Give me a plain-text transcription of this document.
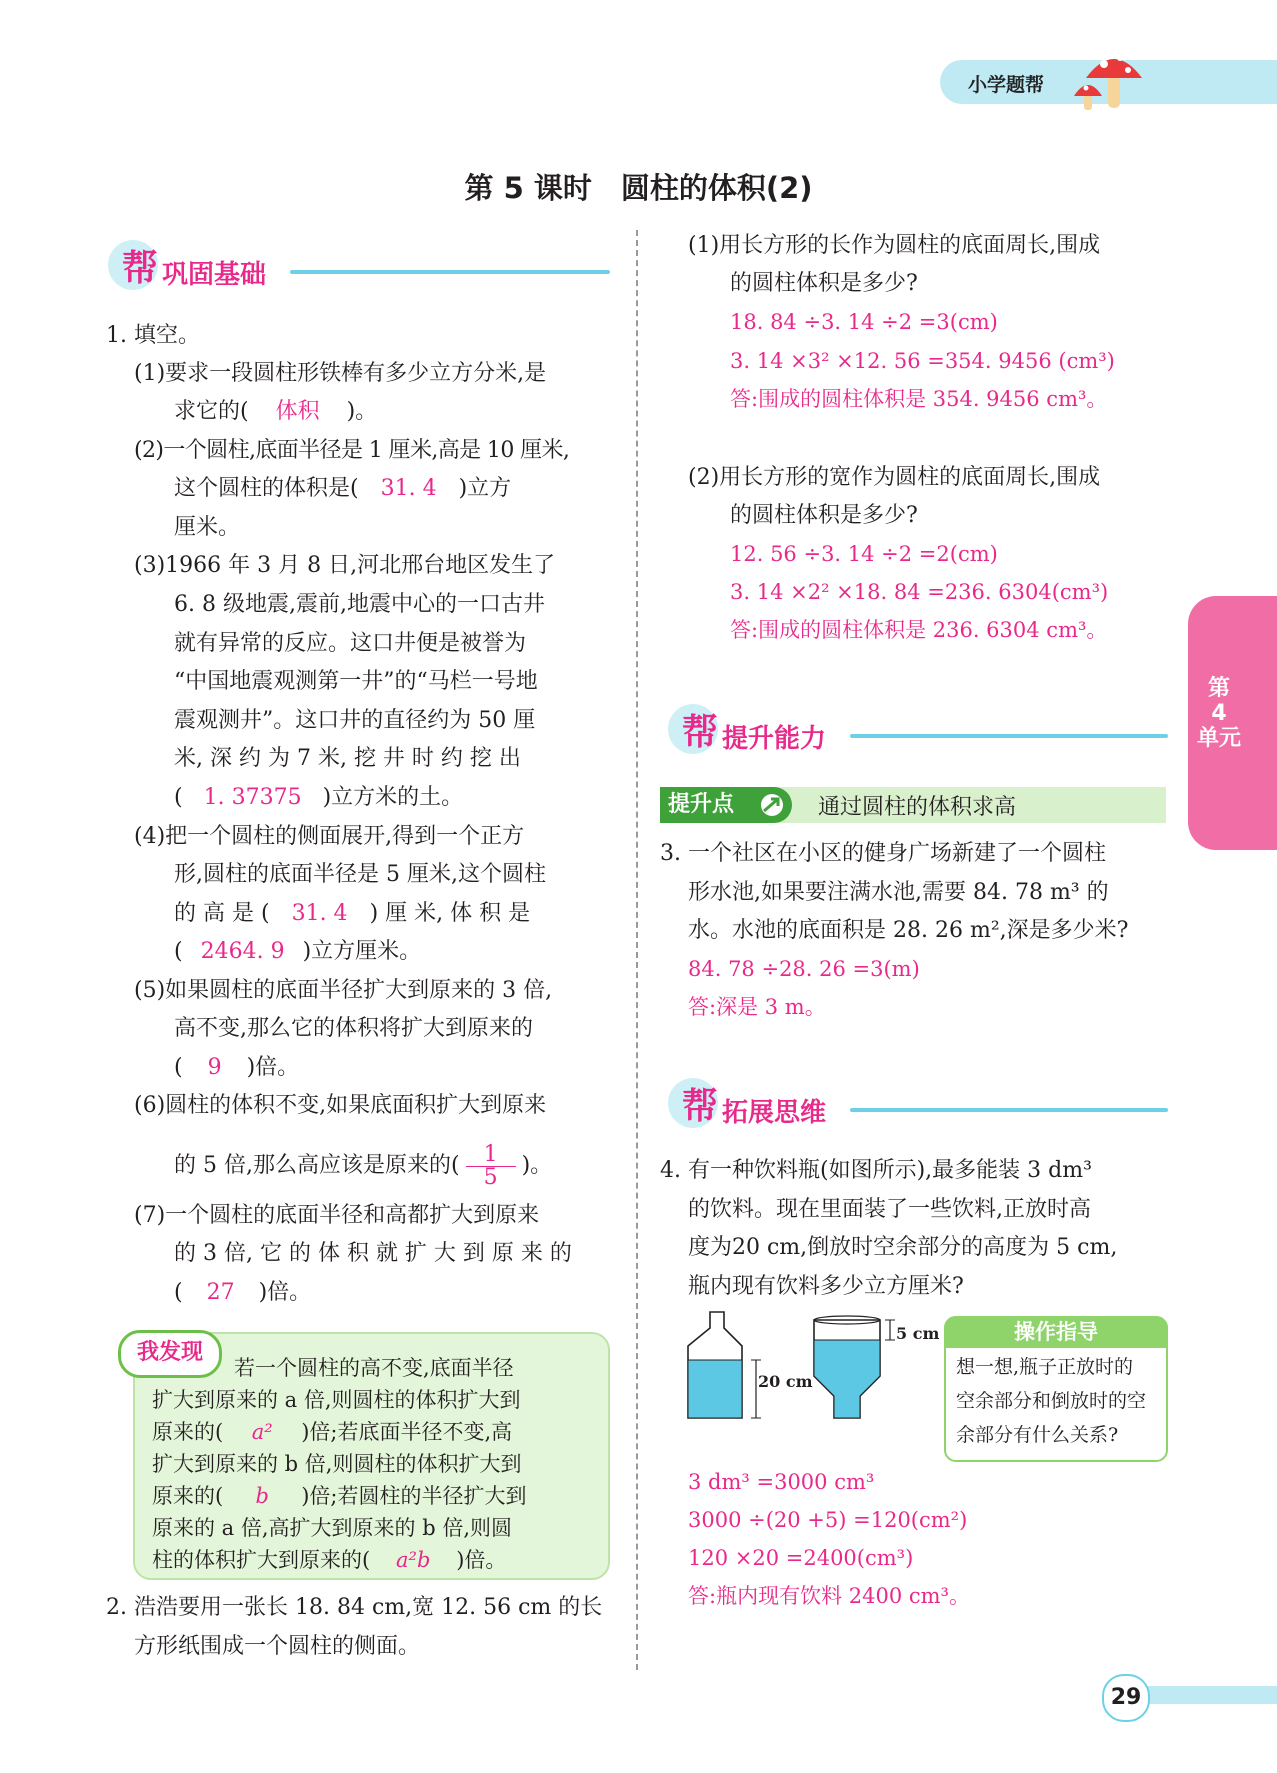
小学题帮
第 5 课时　圆柱的体积(2)
帮 巩固基础
1. 填空。
(1)要求一段圆柱形铁棒有多少立方分米,是
求它的( 体积 )。
(2)一个圆柱,底面半径是 1 厘米,高是 10 厘米,
这个圆柱的体积是( 31. 4 )立方
厘米。
(3)1966 年 3 月 8 日,河北邢台地区发生了
6. 8 级地震,震前,地震中心的一口古井
就有异常的反应。这口井便是被誉为
“中国地震观测第一井”的“马栏一号地
震观测井”。这口井的直径约为 50 厘
米, 深 约 为 7 米, 挖 井 时 约 挖 出
( 1. 37375 )立方米的土。
(4)把一个圆柱的侧面展开,得到一个正方
形,圆柱的底面半径是 5 厘米,这个圆柱
的 高 是 ( 31. 4 ) 厘 米, 体 积 是
( 2464. 9 )立方厘米。
(5)如果圆柱的底面半径扩大到原来的 3 倍,
高不变,那么它的体积将扩大到原来的
( 9 )倍。
(6)圆柱的体积不变,如果底面积扩大到原来
的 5 倍,那么高应该是原来的( $\frac{1}{5}$ )。
(7)一个圆柱的底面半径和高都扩大到原来
的 3 倍, 它 的 体 积 就 扩 大 到 原 来 的
( 27 )倍。
我发现
若一个圆柱的高不变,底面半径
扩大到原来的 a 倍,则圆柱的体积扩大到
原来的( a² )倍;若底面半径不变,高
扩大到原来的 b 倍,则圆柱的体积扩大到
原来的( b )倍;若圆柱的半径扩大到
原来的 a 倍,高扩大到原来的 b 倍,则圆
柱的体积扩大到原来的( a²b )倍。
2. 浩浩要用一张长 18. 84 cm,宽 12. 56 cm 的长
方形纸围成一个圆柱的侧面。
(1)用长方形的长作为圆柱的底面周长,围成
的圆柱体积是多少?
18. 84 ÷3. 14 ÷2 =3(cm)
3. 14 ×3² ×12. 56 =354. 9456 (cm³)
答:围成的圆柱体积是 354. 9456 cm³。
(2)用长方形的宽作为圆柱的底面周长,围成
的圆柱体积是多少?
12. 56 ÷3. 14 ÷2 =2(cm)
3. 14 ×2² ×18. 84 =236. 6304(cm³)
答:围成的圆柱体积是 236. 6304 cm³。
帮 提升能力
提升点	通过圆柱的体积求高
3. 一个社区在小区的健身广场新建了一个圆柱
形水池,如果要注满水池,需要 84. 78 m³ 的
水。水池的底面积是 28. 26 m²,深是多少米?
84. 78 ÷28. 26 =3(m)
答:深是 3 m。
帮 拓展思维
4. 有一种饮料瓶(如图所示),最多能装 3 dm³
的饮料。现在里面装了一些饮料,正放时高
度为20 cm,倒放时空余部分的高度为 5 cm,
瓶内现有饮料多少立方厘米?
20 cm
5 cm	操作指导
想一想,瓶子正放时的
空余部分和倒放时的空
余部分有什么关系?
3 dm³ =3000 cm³
3000 ÷(20 +5) =120(cm²)
120 ×20 =2400(cm³)
答:瓶内现有饮料 2400 cm³。
第
4
单元
29
